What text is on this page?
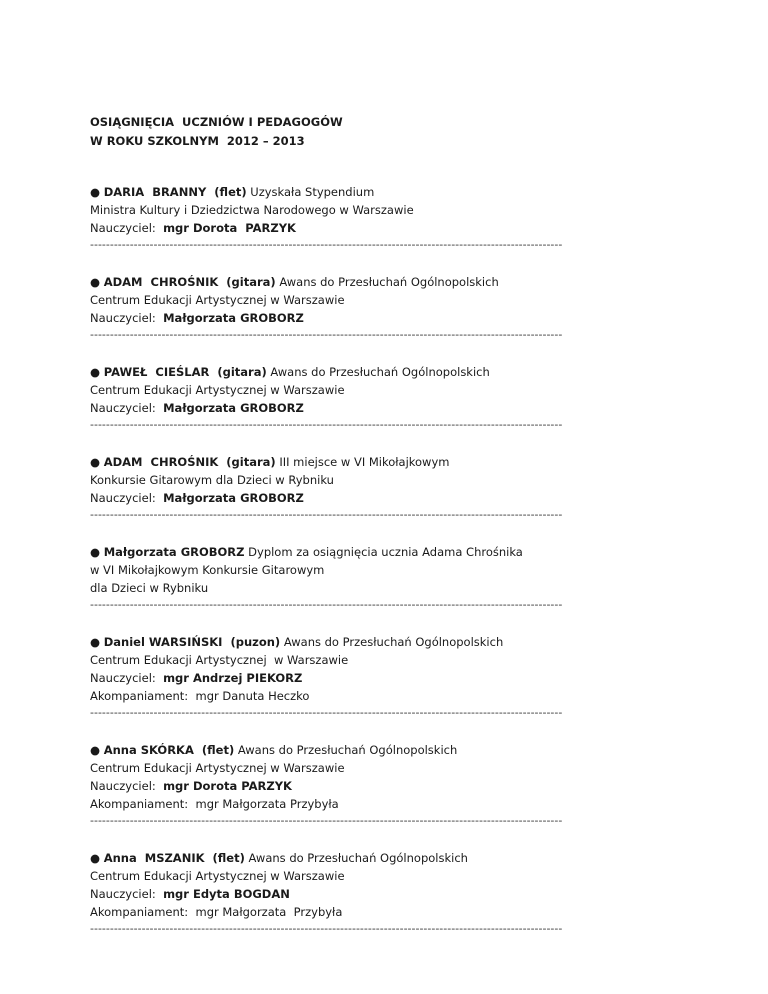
OSIĄGNIĘCIA  UCZNIÓW I PEDAGOGÓW
W ROKU SZKOLNYM  2012 – 2013
● DARIA  BRANNY  (flet) Uzyskała Stypendium
Ministra Kultury i Dziedzictwa Narodowego w Warszawie
Nauczyciel: mgr Dorota  PARZYK
-----------------------------------------------------------------------------------------------------------------------
● ADAM  CHROŚNIK  (gitara) Awans do Przesłuchań Ogólnopolskich
Centrum Edukacji Artystycznej w Warszawie
Nauczyciel: Małgorzata GROBORZ
-----------------------------------------------------------------------------------------------------------------------
● PAWEŁ  CIEŚLAR  (gitara) Awans do Przesłuchań Ogólnopolskich
Centrum Edukacji Artystycznej w Warszawie
Nauczyciel: Małgorzata GROBORZ
-----------------------------------------------------------------------------------------------------------------------
● ADAM  CHROŚNIK  (gitara) III miejsce w VI Mikołajkowym
Konkursie Gitarowym dla Dzieci w Rybniku
Nauczyciel: Małgorzata GROBORZ
-----------------------------------------------------------------------------------------------------------------------
● Małgorzata GROBORZ Dyplom za osiągnięcia ucznia Adama Chrośnika
w VI Mikołajkowym Konkursie Gitarowym
dla Dzieci w Rybniku
-----------------------------------------------------------------------------------------------------------------------
● Daniel WARSIŃSKI  (puzon) Awans do Przesłuchań Ogólnopolskich
Centrum Edukacji Artystycznej  w Warszawie
Nauczyciel: mgr Andrzej PIEKORZ
Akompaniament: mgr Danuta Heczko
-----------------------------------------------------------------------------------------------------------------------
● Anna SKÓRKA  (flet) Awans do Przesłuchań Ogólnopolskich
Centrum Edukacji Artystycznej w Warszawie
Nauczyciel: mgr Dorota PARZYK
Akompaniament: mgr Małgorzata Przybyła
-----------------------------------------------------------------------------------------------------------------------
● Anna  MSZANIK  (flet) Awans do Przesłuchań Ogólnopolskich
Centrum Edukacji Artystycznej w Warszawie
Nauczyciel: mgr Edyta BOGDAN
Akompaniament: mgr Małgorzata  Przybyła
-----------------------------------------------------------------------------------------------------------------------
